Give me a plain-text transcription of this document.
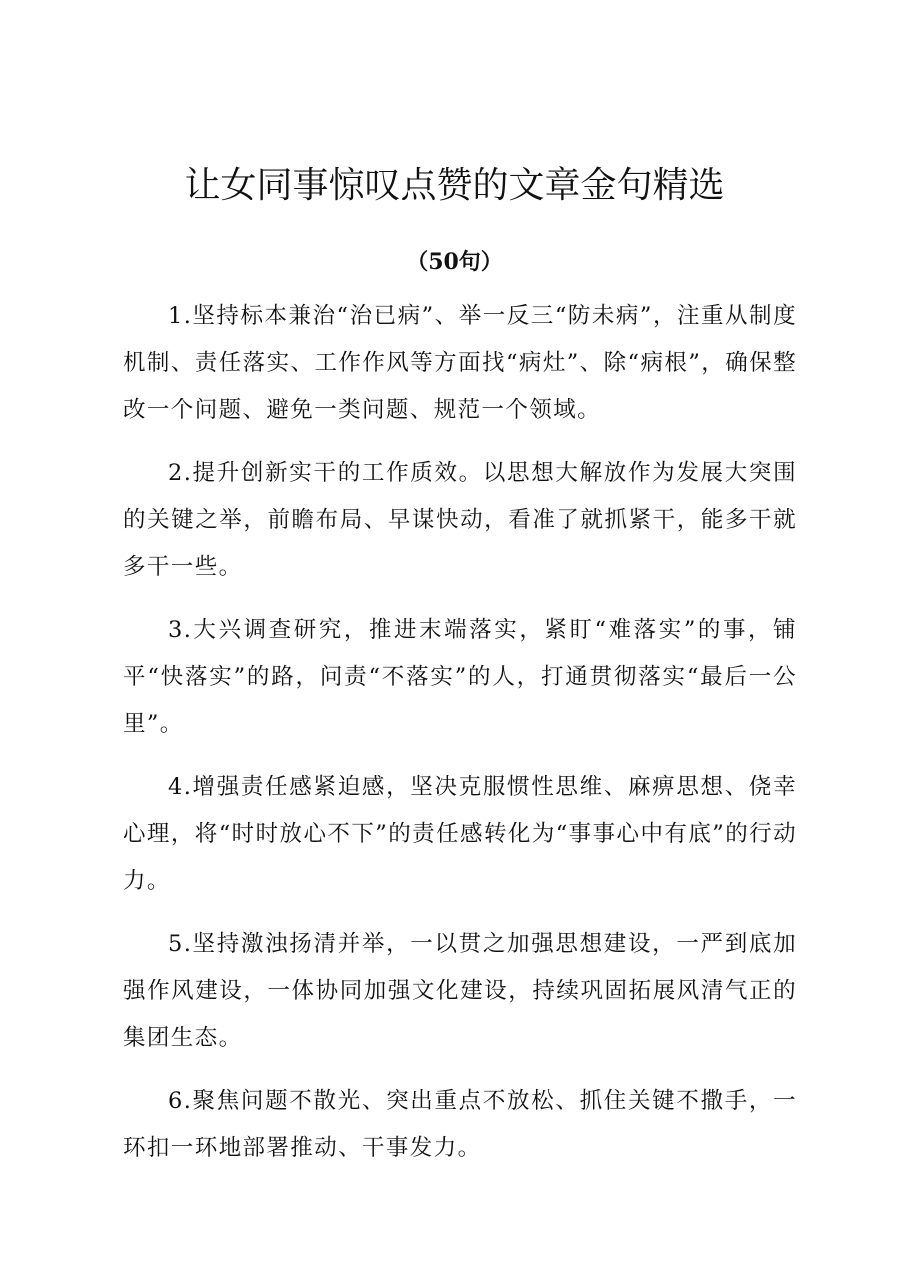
让女同事惊叹点赞的文章金句精选
（50句）

1.坚持标本兼治“治已病”、举一反三“防未病”，注重从制度机制、责任落实、工作作风等方面找“病灶”、除“病根”，确保整改一个问题、避免一类问题、规范一个领域。

2.提升创新实干的工作质效。以思想大解放作为发展大突围的关键之举，前瞻布局、早谋快动，看准了就抓紧干，能多干就多干一些。

3.大兴调查研究，推进末端落实，紧盯“难落实”的事，铺平“快落实”的路，问责“不落实”的人，打通贯彻落实“最后一公里”。

4.增强责任感紧迫感，坚决克服惯性思维、麻痹思想、侥幸心理，将“时时放心不下”的责任感转化为“事事心中有底”的行动力。

5.坚持激浊扬清并举，一以贯之加强思想建设，一严到底加强作风建设，一体协同加强文化建设，持续巩固拓展风清气正的集团生态。

6.聚焦问题不散光、突出重点不放松、抓住关键不撒手，一环扣一环地部署推动、干事发力。
